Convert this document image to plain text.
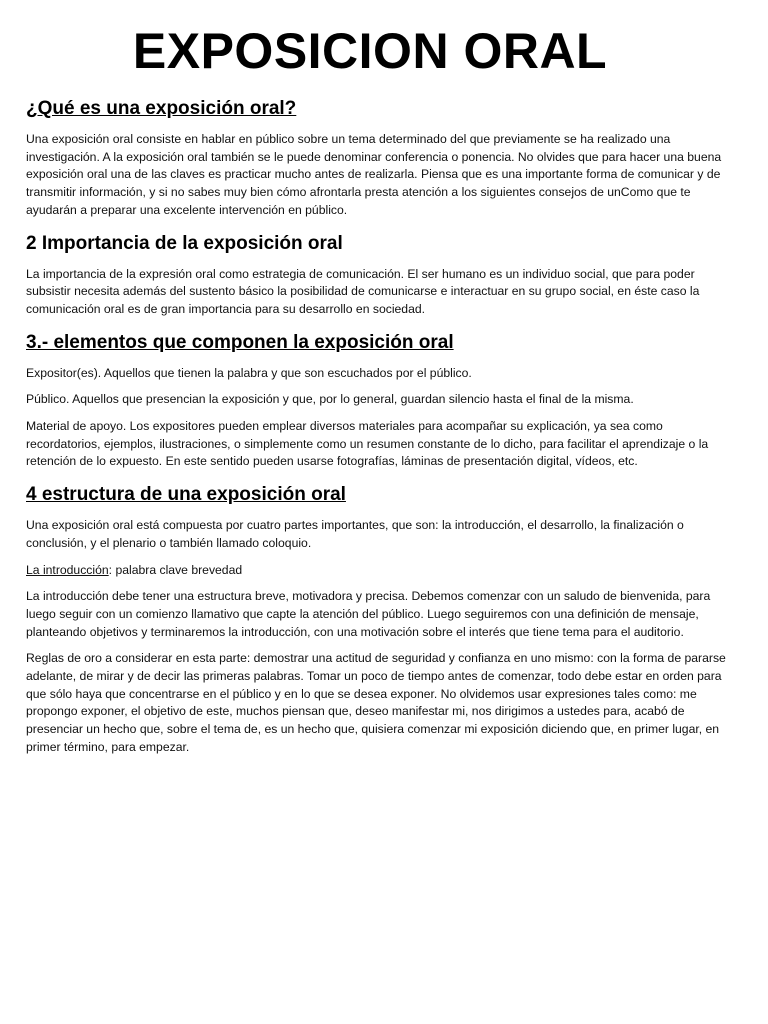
EXPOSICION ORAL
¿Qué es una exposición oral?

Una exposición oral consiste en hablar en público sobre un tema determinado del que previamente se ha realizado una investigación. A la exposición oral también se le puede denominar conferencia o ponencia. No olvides que para hacer una buena exposición oral una de las claves es practicar mucho antes de realizarla. Piensa que es una importante forma de comunicar y de transmitir información, y si no sabes muy bien cómo afrontarla presta atención a los siguientes consejos de unComo que te ayudarán a preparar una excelente intervención en público.

2 Importancia de la exposición oral

La importancia de la expresión oral como estrategia de comunicación. El ser humano es un individuo social, que para poder subsistir necesita además del sustento básico la posibilidad de comunicarse e interactuar en su grupo social, en éste caso la comunicación oral es de gran importancia para su desarrollo en sociedad.

3.- elementos que componen la exposición oral

Expositor(es). Aquellos que tienen la palabra y que son escuchados por el público.

Público. Aquellos que presencian la exposición y que, por lo general, guardan silencio hasta el final de la misma.

Material de apoyo. Los expositores pueden emplear diversos materiales para acompañar su explicación, ya sea como recordatorios, ejemplos, ilustraciones, o simplemente como un resumen constante de lo dicho, para facilitar el aprendizaje o la retención de lo expuesto. En este sentido pueden usarse fotografías, láminas de presentación digital, vídeos, etc.

4 estructura de una exposición oral

Una exposición oral está compuesta por cuatro partes importantes, que son: la introducción, el desarrollo, la finalización o conclusión, y el plenario o también llamado coloquio.

La introducción: palabra clave brevedad

La introducción debe tener una estructura breve, motivadora y precisa. Debemos comenzar con un saludo de bienvenida, para luego seguir con un comienzo llamativo que capte la atención del público. Luego seguiremos con una definición de mensaje, planteando objetivos y terminaremos la introducción, con una motivación sobre el interés que tiene tema para el auditorio.

Reglas de oro a considerar en esta parte: demostrar una actitud de seguridad y confianza en uno mismo: con la forma de pararse adelante, de mirar y de decir las primeras palabras. Tomar un poco de tiempo antes de comenzar, todo debe estar en orden para que sólo haya que concentrarse en el público y en lo que se desea exponer. No olvidemos usar expresiones tales como: me propongo exponer, el objetivo de este, muchos piensan que, deseo manifestar mi, nos dirigimos a ustedes para, acabó de presenciar un hecho que, sobre el tema de, es un hecho que, quisiera comenzar mi exposición diciendo que, en primer lugar, en primer término, para empezar.
